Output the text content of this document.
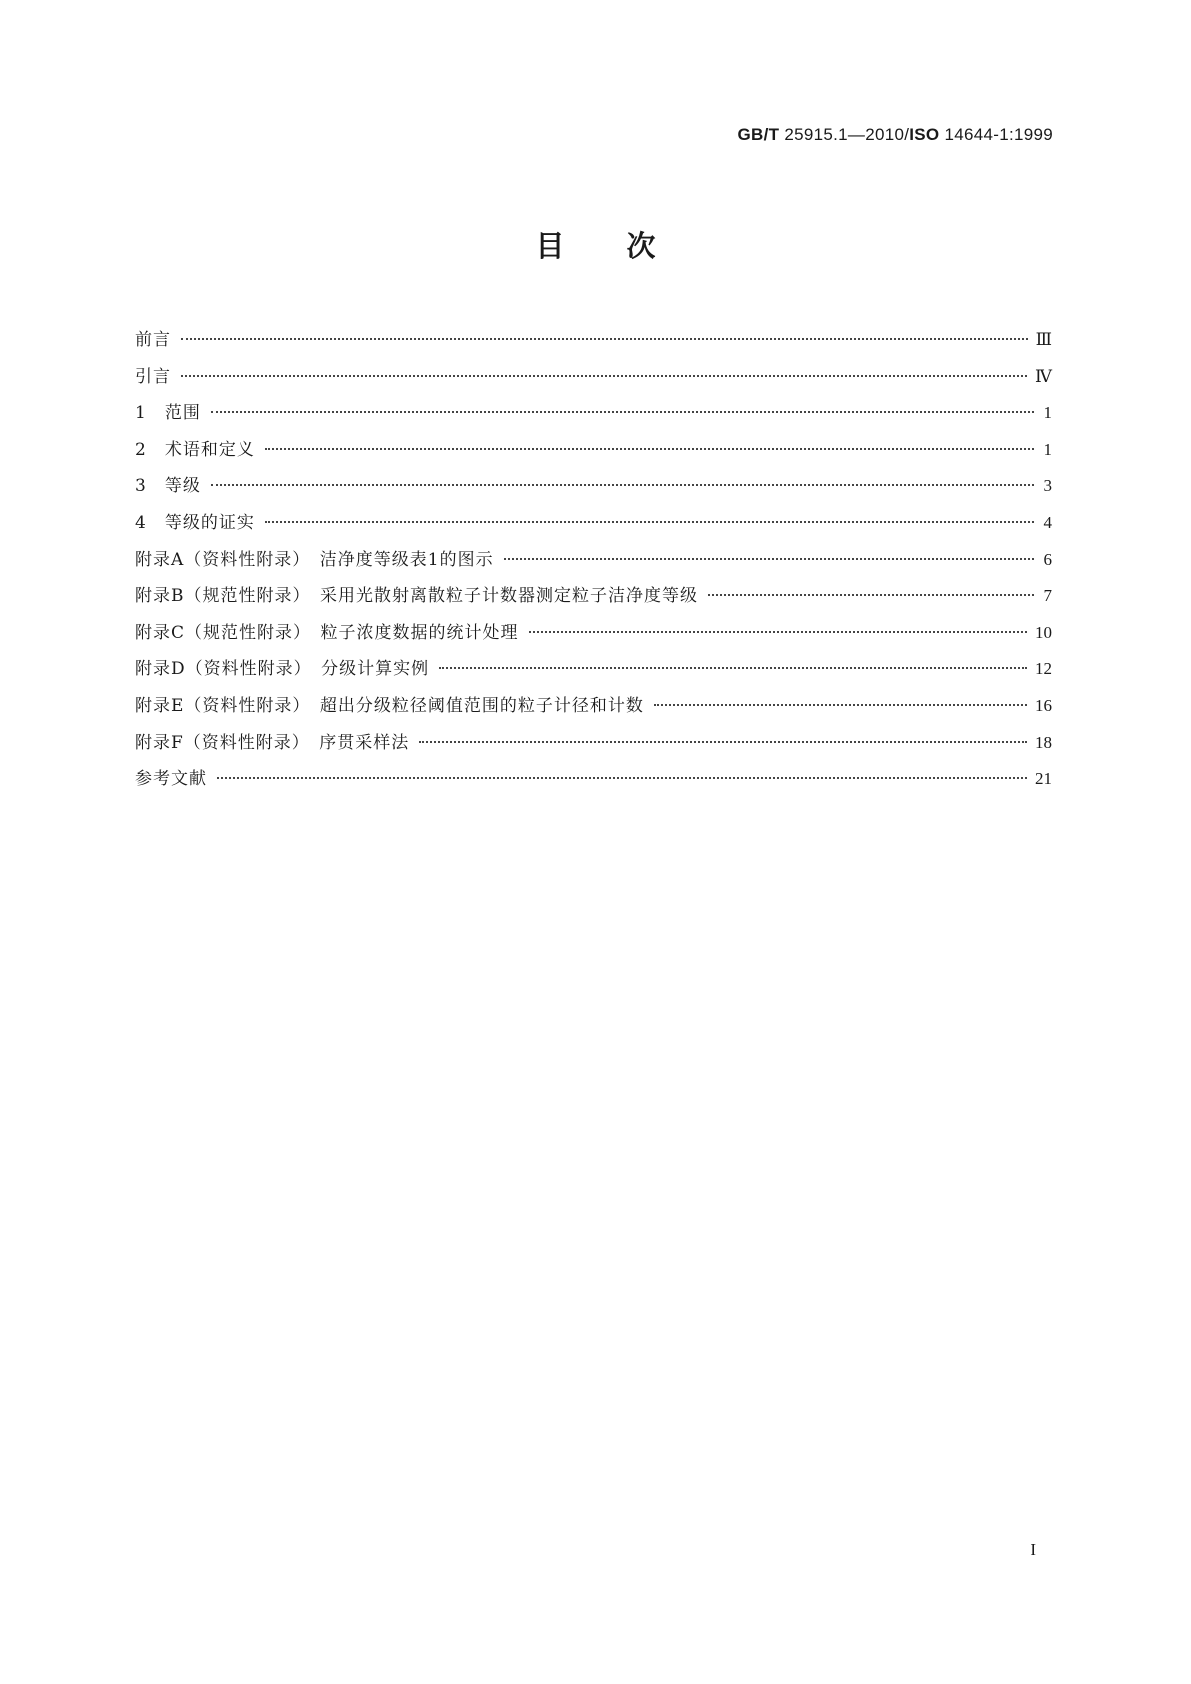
GB/T 25915.1—2010/ISO 14644-1:1999
目次
前言	Ⅲ
引言	Ⅳ
1　范围	1
2　术语和定义	1
3　等级	3
4　等级的证实	4
附录A（资料性附录）　洁净度等级表1的图示	6
附录B（规范性附录）　采用光散射离散粒子计数器测定粒子洁净度等级	7
附录C（规范性附录）　粒子浓度数据的统计处理	10
附录D（资料性附录）　分级计算实例	12
附录E（资料性附录）　超出分级粒径阈值范围的粒子计径和计数	16
附录F（资料性附录）　序贯采样法	18
参考文献	21
I
